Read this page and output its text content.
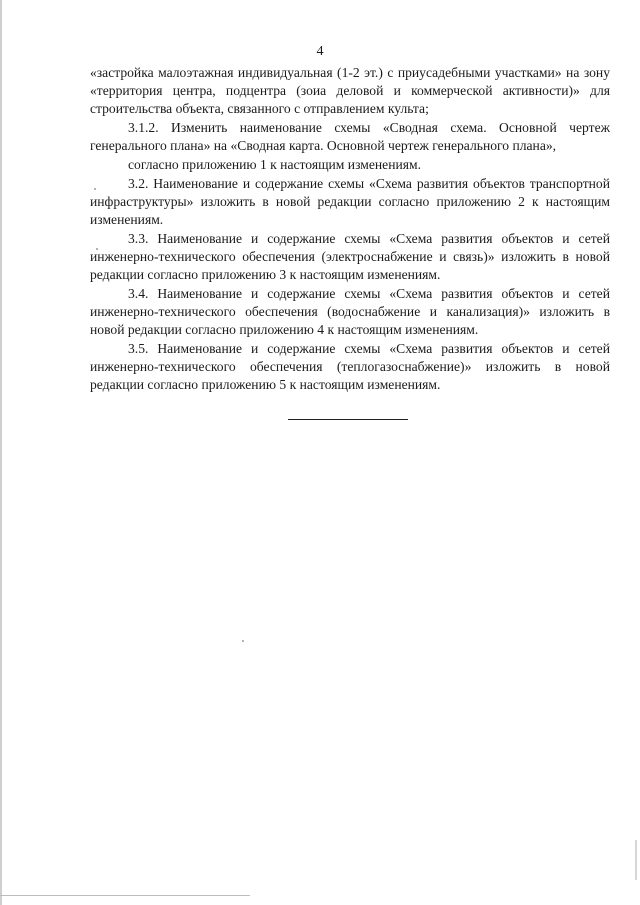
4

«застройка малоэтажная индивидуальная (1-2 эт.) с приусадебными участками» на зону «территория центра, подцентра (зоиа деловой и коммерческой активности)» для строительства объекта, связанного с отправлением культа;

3.1.2. Изменить наименование схемы «Сводная схема. Основной чертеж генерального плана» на «Сводная карта. Основной чертеж генерального плана»,

согласно приложению 1 к настоящим изменениям.

3.2. Наименование и содержание схемы «Схема развития объектов транспортной инфраструктуры» изложить в новой редакции согласно приложению 2 к настоящим изменениям.

3.3. Наименование и содержание схемы «Схема развития объектов и сетей инженерно-технического обеспечения (электроснабжение и связь)» изложить в новой редакции согласно приложению 3 к настоящим изменениям.

3.4. Наименование и содержание схемы «Схема развития объектов и сетей инженерно-технического обеспечения (водоснабжение и канализация)» изложить в новой редакции согласно приложению 4 к настоящим изменениям.

3.5. Наименование и содержание схемы «Схема развития объектов и сетей инженерно-технического обеспечения (теплогазоснабжение)» изложить в новой редакции согласно приложению 5 к настоящим изменениям.
